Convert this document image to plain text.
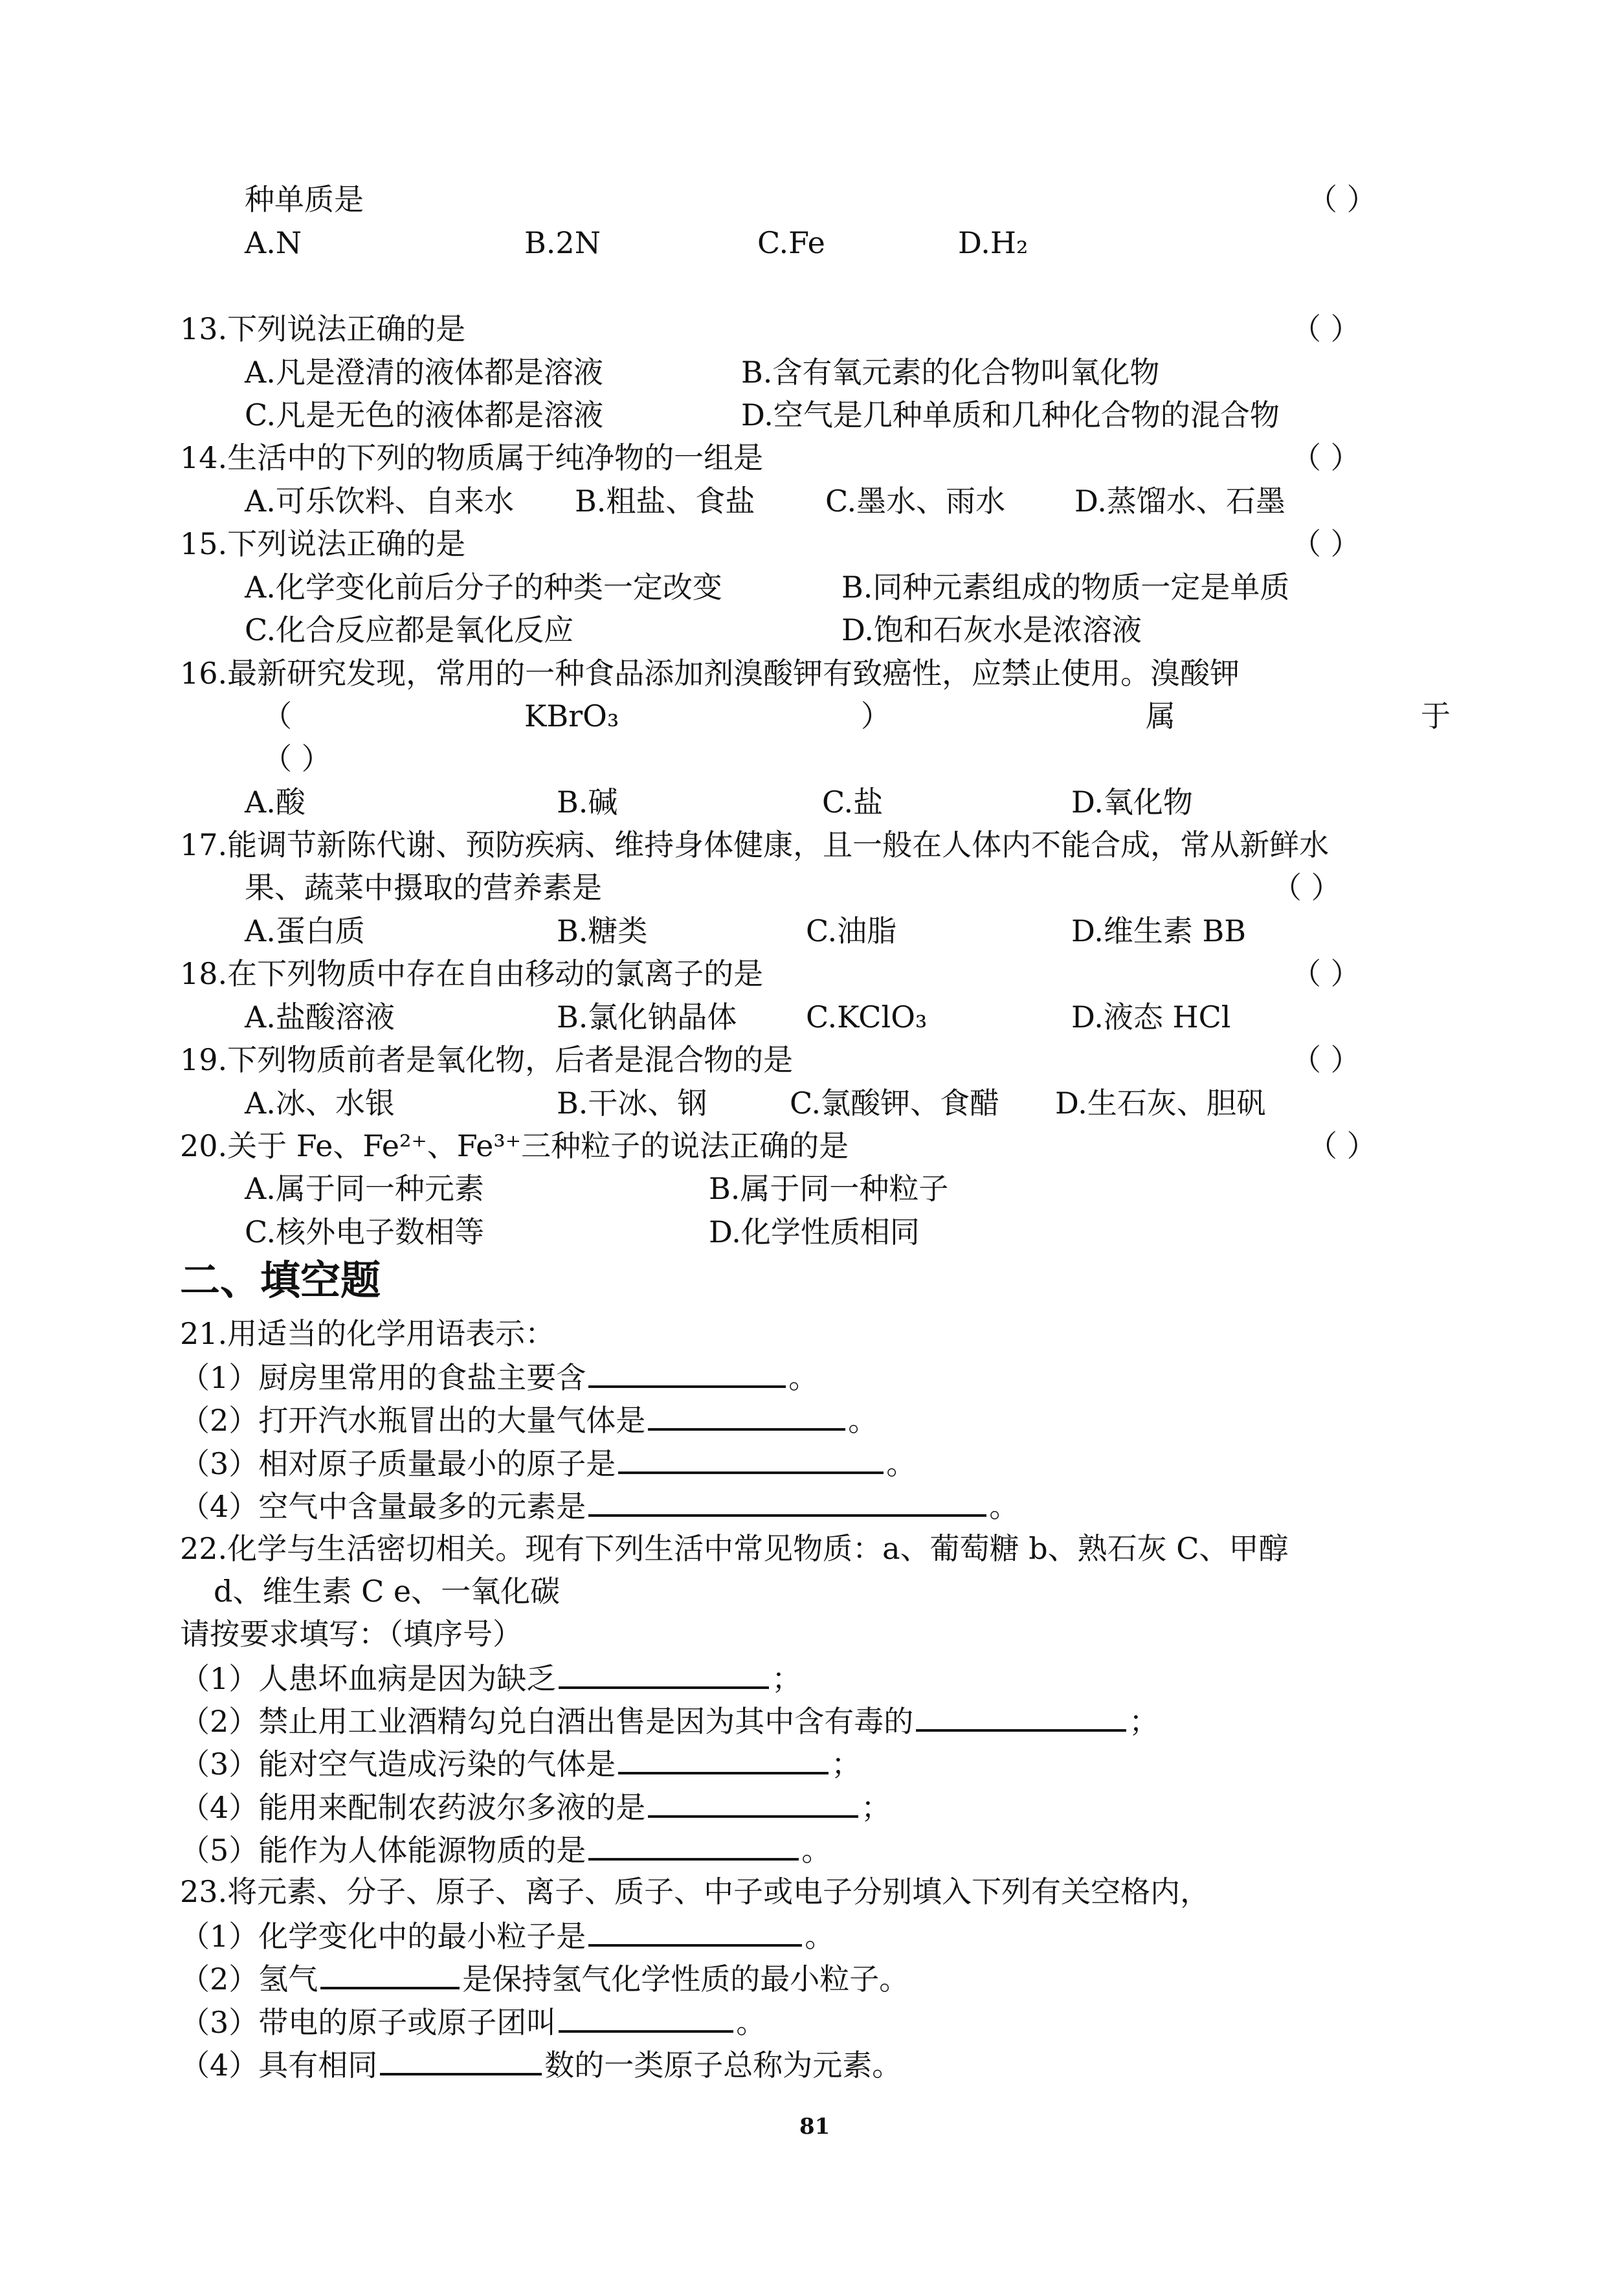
种单质是	（ ）
A.N	B.2N	C.Fe	D.H₂
13.下列说法正确的是	（ ）
A.凡是澄清的液体都是溶液	B.含有氧元素的化合物叫氧化物
C.凡是无色的液体都是溶液	D.空气是几种单质和几种化合物的混合物
14.生活中的下列的物质属于纯净物的一组是	（ ）
A.可乐饮料、自来水 B.粗盐、食盐 C.墨水、雨水 D.蒸馏水、石墨
15.下列说法正确的是	（ ）
A.化学变化前后分子的种类一定改变	B.同种元素组成的物质一定是单质
C.化合反应都是氧化反应	D.饱和石灰水是浓溶液
16.最新研究发现，常用的一种食品添加剂溴酸钾有致癌性，应禁止使用。溴酸钾
（	KBrO₃	）	属	于
（ ）
A.酸	B.碱	C.盐	D.氧化物
17.能调节新陈代谢、预防疾病、维持身体健康，且一般在人体内不能合成，常从新鲜水
果、蔬菜中摄取的营养素是	（ ）
A.蛋白质	B.糖类	C.油脂	D.维生素 BB
18.在下列物质中存在自由移动的氯离子的是	（ ）
A.盐酸溶液	B.氯化钠晶体 C.KClO₃	D.液态 HCl
19.下列物质前者是氧化物，后者是混合物的是	（ ）
A.冰、水银	B.干冰、钢	C.氯酸钾、食醋 D.生石灰、胆矾
20.关于 Fe、Fe²⁺、Fe³⁺三种粒子的说法正确的是	（ ）
A.属于同一种元素	B.属于同一种粒子
C.核外电子数相等	D.化学性质相同
二、填空题
21.用适当的化学用语表示：
（1）厨房里常用的食盐主要含	。
（2）打开汽水瓶冒出的大量气体是	。
（3）相对原子质量最小的原子是	。
（4）空气中含量最多的元素是	。
22.化学与生活密切相关。现有下列生活中常见物质：a、葡萄糖 b、熟石灰 C、甲醇
d、维生素 C e、一氧化碳
请按要求填写：（填序号）
（1）人患坏血病是因为缺乏	；
（2）禁止用工业酒精勾兑白酒出售是因为其中含有毒的	；
（3）能对空气造成污染的气体是	；
（4）能用来配制农药波尔多液的是	；
（5）能作为人体能源物质的是	。
23.将元素、分子、原子、离子、质子、中子或电子分别填入下列有关空格内，
（1）化学变化中的最小粒子是	。
（2）氢气	是保持氢气化学性质的最小粒子。
（3）带电的原子或原子团叫	。
（4）具有相同	数的一类原子总称为元素。
81
